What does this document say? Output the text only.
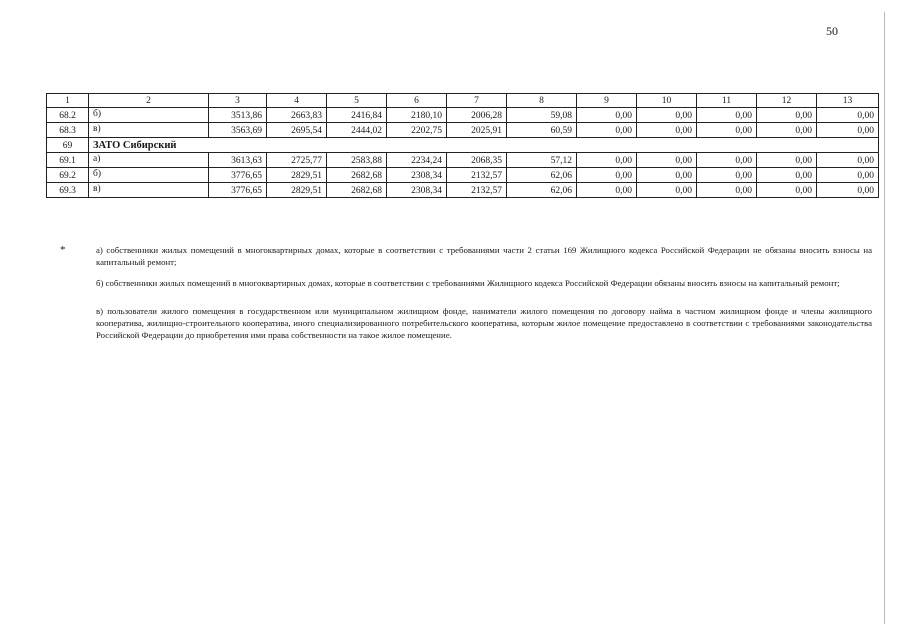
50
1	2	3	4	5	6	7	8	9	10	11	12	13
68.2	б)	3513,86	2663,83	2416,84	2180,10	2006,28	59,08	0,00	0,00	0,00	0,00	0,00
68.3	в)	3563,69	2695,54	2444,02	2202,75	2025,91	60,59	0,00	0,00	0,00	0,00	0,00
69	ЗАТО Сибирский											
69.1	а)	3613,63	2725,77	2583,88	2234,24	2068,35	57,12	0,00	0,00	0,00	0,00	0,00
69.2	б)	3776,65	2829,51	2682,68	2308,34	2132,57	62,06	0,00	0,00	0,00	0,00	0,00
69.3	в)	3776,65	2829,51	2682,68	2308,34	2132,57	62,06	0,00	0,00	0,00	0,00	0,00
*	а) собственники жилых помещений в многоквартирных домах, которые в соответствии с требованиями части 2 статьи 169 Жилищного кодекса Российской Федерации не обязаны вносить взносы на капитальный ремонт;

б) собственники жилых помещений в многоквартирных домах, которые в соответствии с требованиями Жилищного кодекса Российской Федерации обязаны вносить взносы на капитальный ремонт;

в) пользователи жилого помещения в государственном или муниципальном жилищном фонде, наниматели жилого помещения по договору найма в частном жилищном фонде и члены жилищного кооператива, жилищно-строительного кооператива, иного специализированного потребительского кооператива, которым жилое помещение предоставлено в соответствии с требованиями законодательства Российской Федерации до приобретения ими права собственности на такое жилое помещение.
